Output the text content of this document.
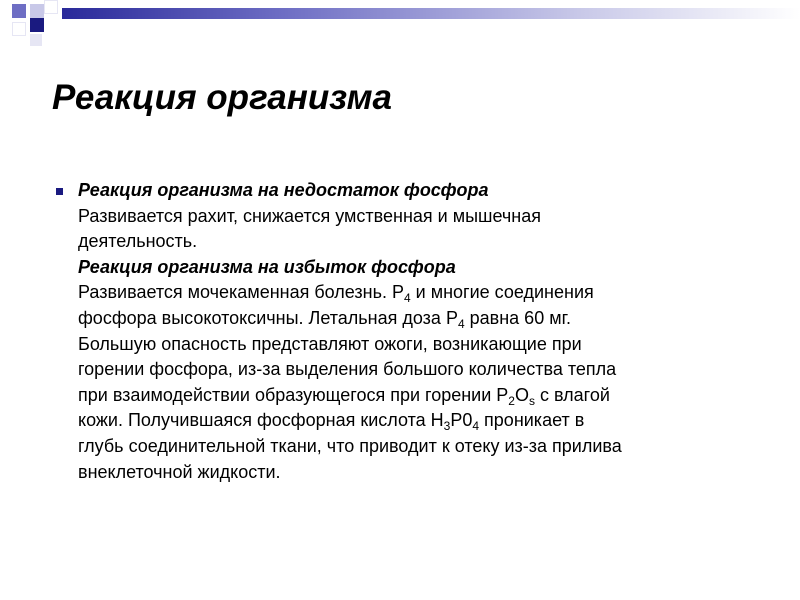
Реакция организма
Реакция организма на недостаток фосфора
Развивается рахит, снижается умственная и мышечная
деятельность.
Реакция организма на избыток фосфора
Развивается мочекаменная болезнь. $Р_4$ и многие соединения
фосфора высокотоксичны. Летальная доза $Р_4$ равна 60 мг.
Большую опасность представляют ожоги, возникающие при
горении фосфора, из-за выделения большого количества тепла
при взаимодействии образующегося при горении $Р_2O_s$ с влагой
кожи. Получившаяся фосфорная кислота $Н_3Р0_4$ проникает в
глубь соединительной ткани, что приводит к отеку из-за прилива
внеклеточной жидкости.
